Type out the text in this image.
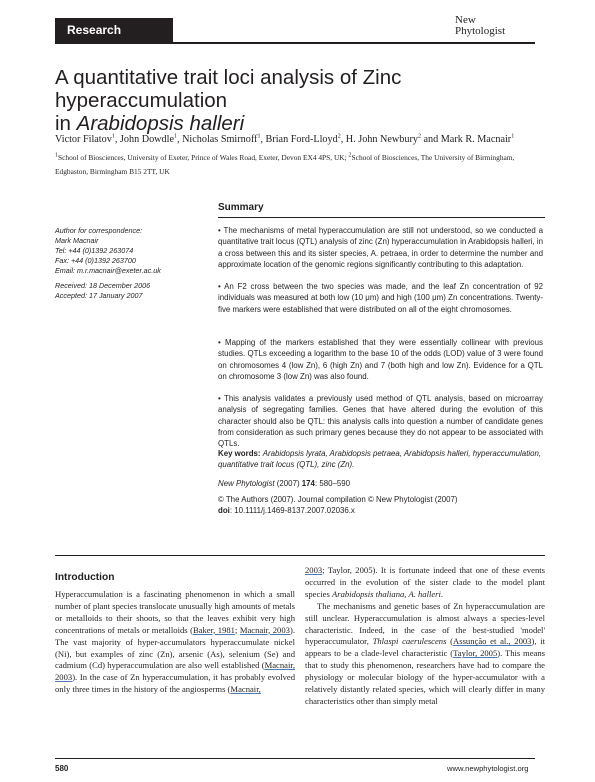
Research
New
Phytologist
A quantitative trait loci analysis of Zinc hyperaccumulation
in Arabidopsis halleri
Victor Filatov$^1$, John Dowdle$^1$, Nicholas Smirnoff$^1$, Brian Ford-Lloyd$^2$, H. John Newbury$^2$ and Mark R. Macnair$^1$
$^1$School of Biosciences, University of Exeter, Prince of Wales Road, Exeter, Devon EX4 4PS, UK; $^2$School of Biosciences, The University of Birmingham,
Edgbaston, Birmingham B15 2TT, UK
Author for correspondence:
Mark Macnair
Tel: +44 (0)1392 263074
Fax: +44 (0)1392 263700
Email: m.r.macnair@exeter.ac.uk
Received: 18 December 2006
Accepted: 17 January 2007
Summary
• The mechanisms of metal hyperaccumulation are still not understood, so we conducted a quantitative trait locus (QTL) analysis of zinc (Zn) hyperaccumulation in Arabidopsis halleri, in a cross between this and its sister species, A. petraea, in order to determine the number and approximate location of the genomic regions significantly contributing to this adaptation.
• An F2 cross between the two species was made, and the leaf Zn concentration of 92 individuals was measured at both low (10 μm) and high (100 μm) Zn concentrations. Twenty-five markers were established that were distributed on all of the eight chromosomes.
• Mapping of the markers established that they were essentially collinear with previous studies. QTLs exceeding a logarithm to the base 10 of the odds (LOD) value of 3 were found on chromosomes 4 (low Zn), 6 (high Zn) and 7 (both high and low Zn). Evidence for a QTL on chromosome 3 (low Zn) was also found.
• This analysis validates a previously used method of QTL analysis, based on microarray analysis of segregating families. Genes that have altered during the evolution of this character should also be QTL: this analysis calls into question a number of candidate genes from consideration as such primary genes because they do not appear to be associated with QTLs.
Key words: Arabidopsis lyrata, Arabidopsis petraea, Arabidopsis halleri, hyperaccumulation, quantitative trait locus (QTL), zinc (Zn).
New Phytologist (2007) 174: 580–590
© The Authors (2007). Journal compilation © New Phytologist (2007)
doi: 10.1111/j.1469-8137.2007.02036.x
Introduction

Hyperaccumulation is a fascinating phenomenon in which a small number of plant species translocate unusually high amounts of metals or metalloids to their shoots, so that the leaves exhibit very high concentrations of metals or metalloids (Baker, 1981; Macnair, 2003). The vast majority of hyper-accumulators hyperaccumulate nickel (Ni), but examples of zinc (Zn), arsenic (As), selenium (Se) and cadmium (Cd) hyperaccumulation are also well established (Macnair, 2003). In the case of Zn hyperaccumulation, it has probably evolved only three times in the history of the angiosperms (Macnair,

2003; Taylor, 2005). It is fortunate indeed that one of these events occurred in the evolution of the sister clade to the model plant species Arabidopsis thaliana, A. halleri.

The mechanisms and genetic bases of Zn hyperaccumulation are still unclear. Hyperaccumulation is almost always a species-level characteristic. Indeed, in the case of the best-studied 'model' hyperaccumulator, Thlaspi caerulescens (Assunção et al., 2003), it appears to be a clade-level characteristic (Taylor, 2005). This means that to study this phenomenon, researchers have had to compare the physiology or molecular biology of the hyper-accumulator with a relatively distantly related species, which will clearly differ in many characteristics other than simply metal

580	www.newphytologist.org
